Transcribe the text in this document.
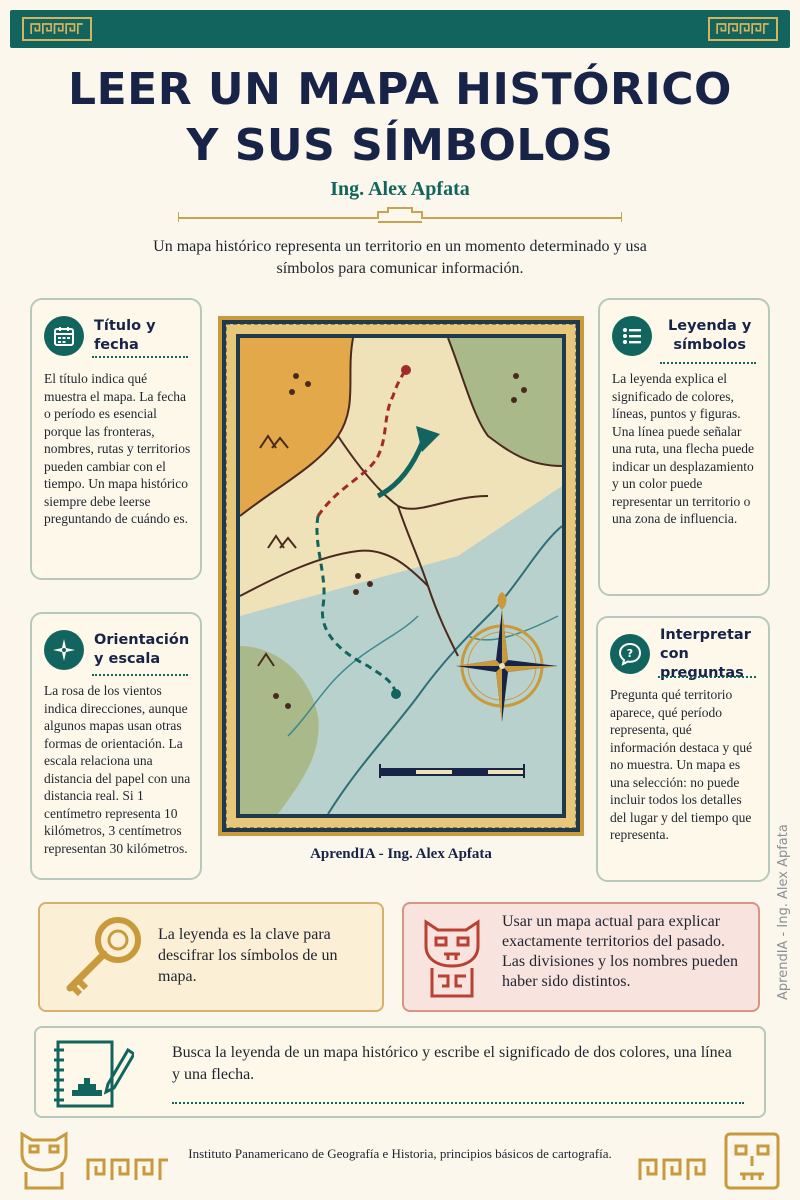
LEER UN MAPA HISTÓRICO
Y SUS SÍMBOLOS
Ing. Alex Apfata
Un mapa histórico representa un territorio en un momento determinado y usa símbolos para comunicar información.
Título y fecha
El título indica qué muestra el mapa. La fecha o período es esencial porque las fronteras, nombres, rutas y territorios pueden cambiar con el tiempo. Un mapa histórico siempre debe leerse preguntando de cuándo es.
Orientación
y escala
La rosa de los vientos indica direcciones, aunque algunos mapas usan otras formas de orientación. La escala relaciona una distancia del papel con una distancia real. Si 1 centímetro representa 10 kilómetros, 3 centímetros representan 30 kilómetros.
Leyenda y
símbolos
La leyenda explica el significado de colores, líneas, puntos y figuras. Una línea puede señalar una ruta, una flecha puede indicar un desplazamiento y un color puede representar un territorio o una zona de influencia.
?
Interpretar
con preguntas
Pregunta qué territorio aparece, qué período representa, qué información destaca y qué no muestra. Un mapa es una selección: no puede incluir todos los detalles del lugar y del tiempo que representa.
AprendIA - Ing. Alex Apfata	AprendIA - Ing. Alex Apfata
La leyenda es la clave para descifrar los símbolos de un mapa.
Usar un mapa actual para explicar exactamente territorios del pasado. Las divisiones y los nombres pueden haber sido distintos.
Busca la leyenda de un mapa histórico y escribe el significado de dos colores, una línea y una flecha.
Instituto Panamericano de Geografía e Historia, principios básicos de cartografía.
